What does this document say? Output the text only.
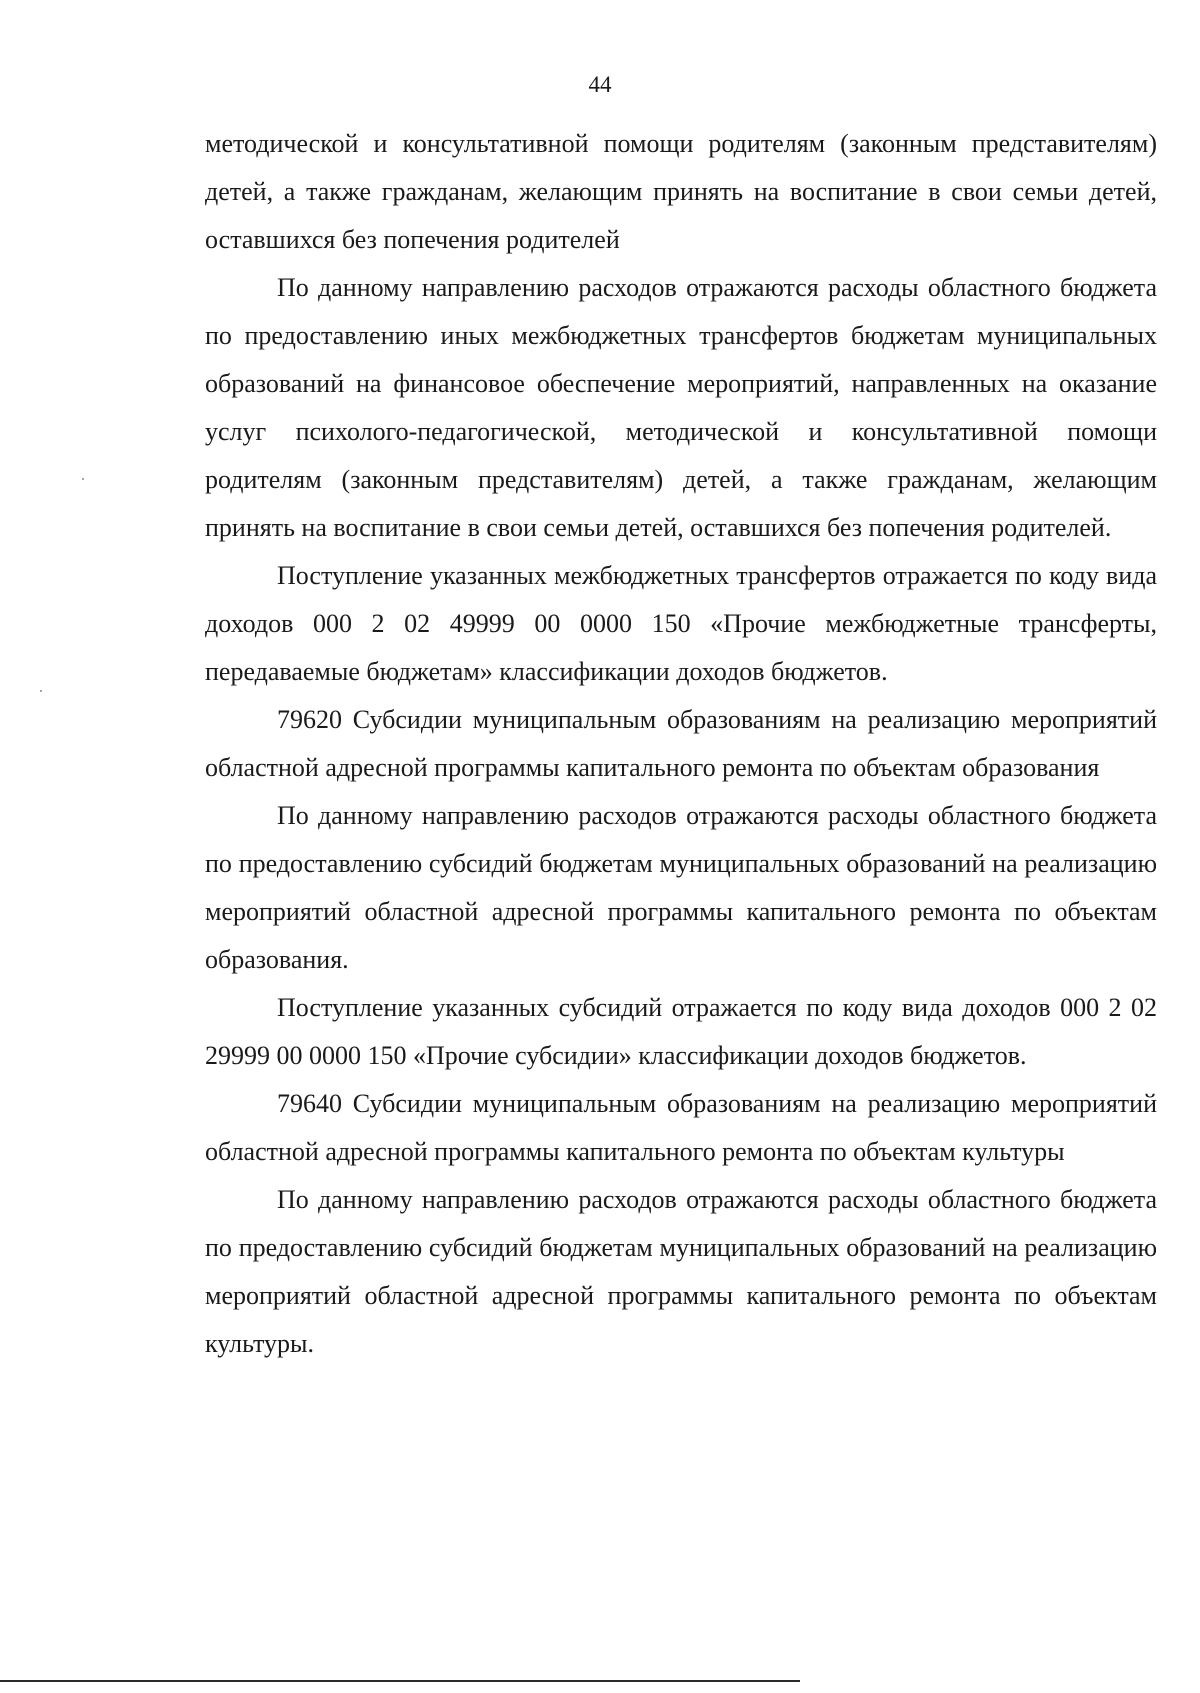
44

методической и консультативной помощи родителям (законным представителям) детей, а также гражданам, желающим принять на воспитание в свои семьи детей, оставшихся без попечения родителей

По данному направлению расходов отражаются расходы областного бюджета по предоставлению иных межбюджетных трансфертов бюджетам муниципальных образований на финансовое обеспечение мероприятий, направленных на оказание услуг психолого-педагогической, методической и консультативной помощи родителям (законным представителям) детей, а также гражданам, желающим принять на воспитание в свои семьи детей, оставшихся без попечения родителей.

Поступление указанных межбюджетных трансфертов отражается по коду вида доходов 000 2 02 49999 00 0000 150 «Прочие межбюджетные трансферты, передаваемые бюджетам» классификации доходов бюджетов.

79620 Субсидии муниципальным образованиям на реализацию мероприятий областной адресной программы капитального ремонта по объектам образования

По данному направлению расходов отражаются расходы областного бюджета по предоставлению субсидий бюджетам муниципальных образований на реализацию мероприятий областной адресной программы капитального ремонта по объектам образования.

Поступление указанных субсидий отражается по коду вида доходов 000 2 02 29999 00 0000 150 «Прочие субсидии» классификации доходов бюджетов.

79640 Субсидии муниципальным образованиям на реализацию мероприятий областной адресной программы капитального ремонта по объектам культуры

По данному направлению расходов отражаются расходы областного бюджета по предоставлению субсидий бюджетам муниципальных образований на реализацию мероприятий областной адресной программы капитального ремонта по объектам культуры.
